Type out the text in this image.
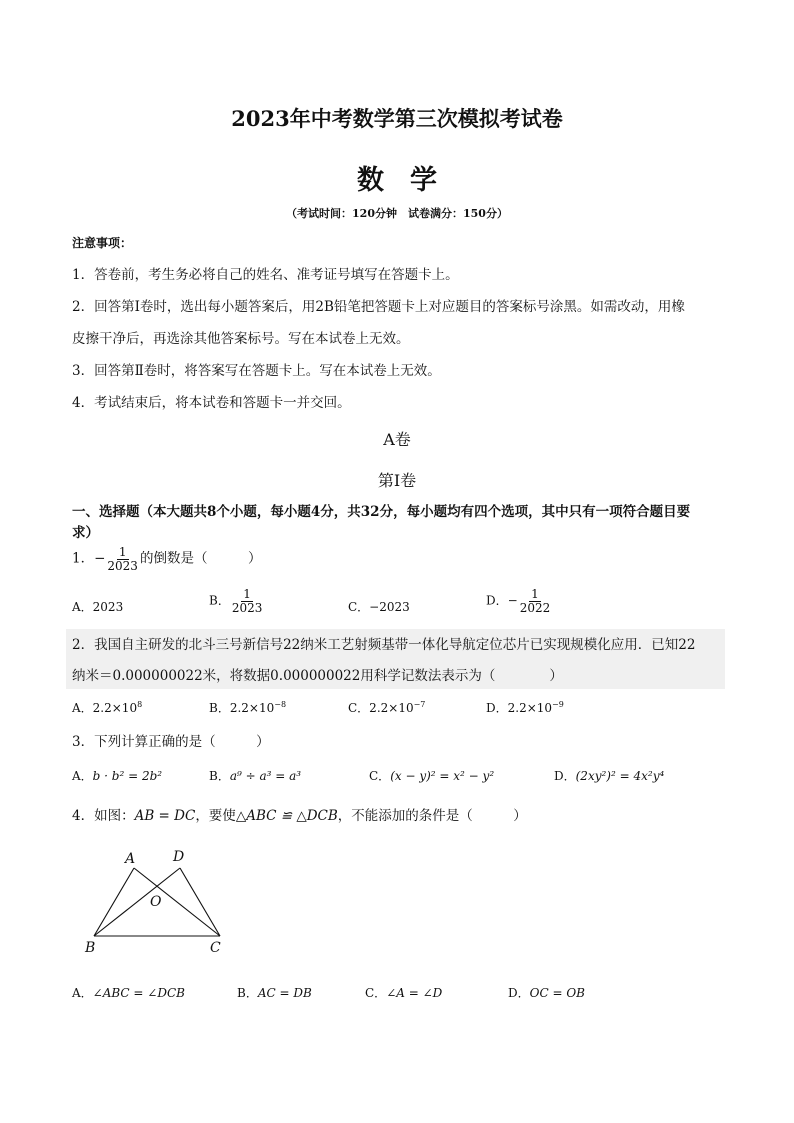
2023年中考数学第三次模拟考试卷
数学
（考试时间：120分钟　试卷满分：150分）
注意事项：
1．答卷前，考生务必将自己的姓名、准考证号填写在答题卡上。
2．回答第Ⅰ卷时，选出每小题答案后，用2B铅笔把答题卡上对应题目的答案标号涂黑。如需改动，用橡
皮擦干净后，再选涂其他答案标号。写在本试卷上无效。
3．回答第Ⅱ卷时，将答案写在答题卡上。写在本试卷上无效。
4．考试结束后，将本试卷和答题卡一并交回。
A卷
第Ⅰ卷
一、选择题（本大题共8个小题，每小题4分，共32分，每小题均有四个选项，其中只有一项符合题目要
求）
1．− $\frac{1}{2023}$ 的倒数是（　　　）
A．2023	B． $\frac{1}{2023}$	C．−2023	D．− $\frac{1}{2022}$
2．我国自主研发的北斗三号新信号22纳米工艺射频基带一体化导航定位芯片已实现规模化应用．已知22
纳米＝0.000000022米，将数据0.000000022用科学记数法表示为（　　　　）
A．$2.2\times 10^8$	B．$2.2\times 10^{-8}$	C．$2.2\times 10^{-7}$	D．$2.2\times 10^{-9}$
3．下列计算正确的是（　　　）
A．b · b² = 2b²	B．a⁹ ÷ a³ = a³	C．(x − y)² = x² − y²	D．(2xy²)² = 4x²y⁴
4．如图：AB = DC，要使△ABC ≌ △DCB，不能添加的条件是（　　　）
A	D
O
B	C
A．∠ABC = ∠DCB	B．AC = DB	C．∠A = ∠D	D．OC = OB
